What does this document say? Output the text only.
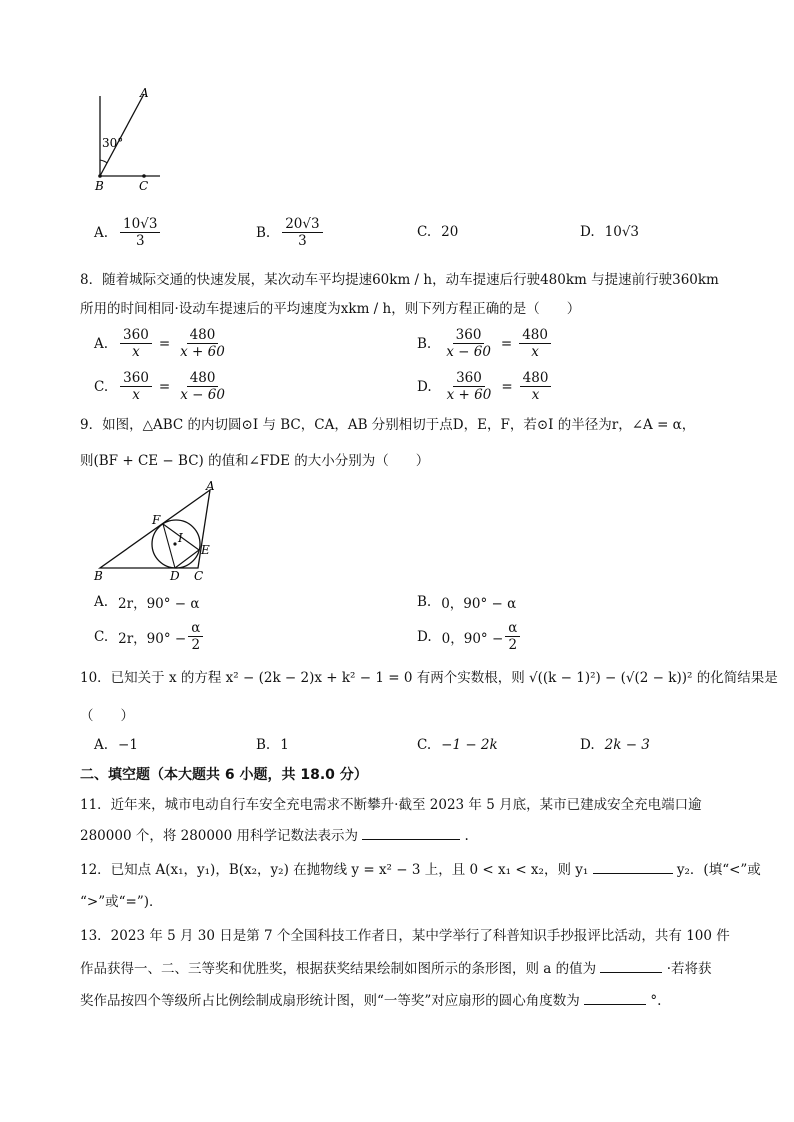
A
30°
B	C
A. $\frac{10√3}{3}$	B. $\frac{20√3}{3}$	C. 20	D. 10√3
8．随着城际交通的快速发展，某次动车平均提速60km / h，动车提速后行驶480km 与提速前行驶360km
所用的时间相同·设动车提速后的平均速度为xkm / h，则下列方程正确的是（　　）
A. $\frac{360}{x} = \frac{480}{x + 60}$	B. $\frac{360}{x - 60} = \frac{480}{x}$
C. $\frac{360}{x} = \frac{480}{x - 60}$	D. $\frac{360}{x + 60} = \frac{480}{x}$
9．如图，△ABC 的内切圆⊙I 与 BC，CA，AB 分别相切于点D，E，F，若⊙I 的半径为r，∠A = α，
则(BF + CE − BC) 的值和∠FDE 的大小分别为（　　）
A
B	C
D
E
F
I
A. 2r，90° − α	B. 0，90° − α
C. 2r，$90^\circ - \frac{\alpha}{2}$	D. 0，$90^\circ - \frac{\alpha}{2}$
10．已知关于 x 的方程 x² − (2k − 2)x + k² − 1 = 0 有两个实数根，则 √((k − 1)²) − (√(2 − k))² 的化简结果是
（　　）
A. −1	B. 1	C. −1 − 2k	D. 2k − 3
二、填空题（本大题共 6 小题，共 18.0 分）
11．近年来，城市电动自行车安全充电需求不断攀升·截至 2023 年 5 月底，某市已建成安全充电端口逾
280000 个，将 280000 用科学记数法表示为	.
12．已知点 A(x₁，y₁)，B(x₂，y₂) 在抛物线 y = x² − 3 上，且 0 < x₁ < x₂，则 y₁	y₂．(填“<”或
“>”或“=”)．
13．2023 年 5 月 30 日是第 7 个全国科技工作者日，某中学举行了科普知识手抄报评比活动，共有 100 件
作品获得一、二、三等奖和优胜奖，根据获奖结果绘制如图所示的条形图，则 a 的值为	·若将获
奖作品按四个等级所占比例绘制成扇形统计图，则“一等奖”对应扇形的圆心角度数为	°.
